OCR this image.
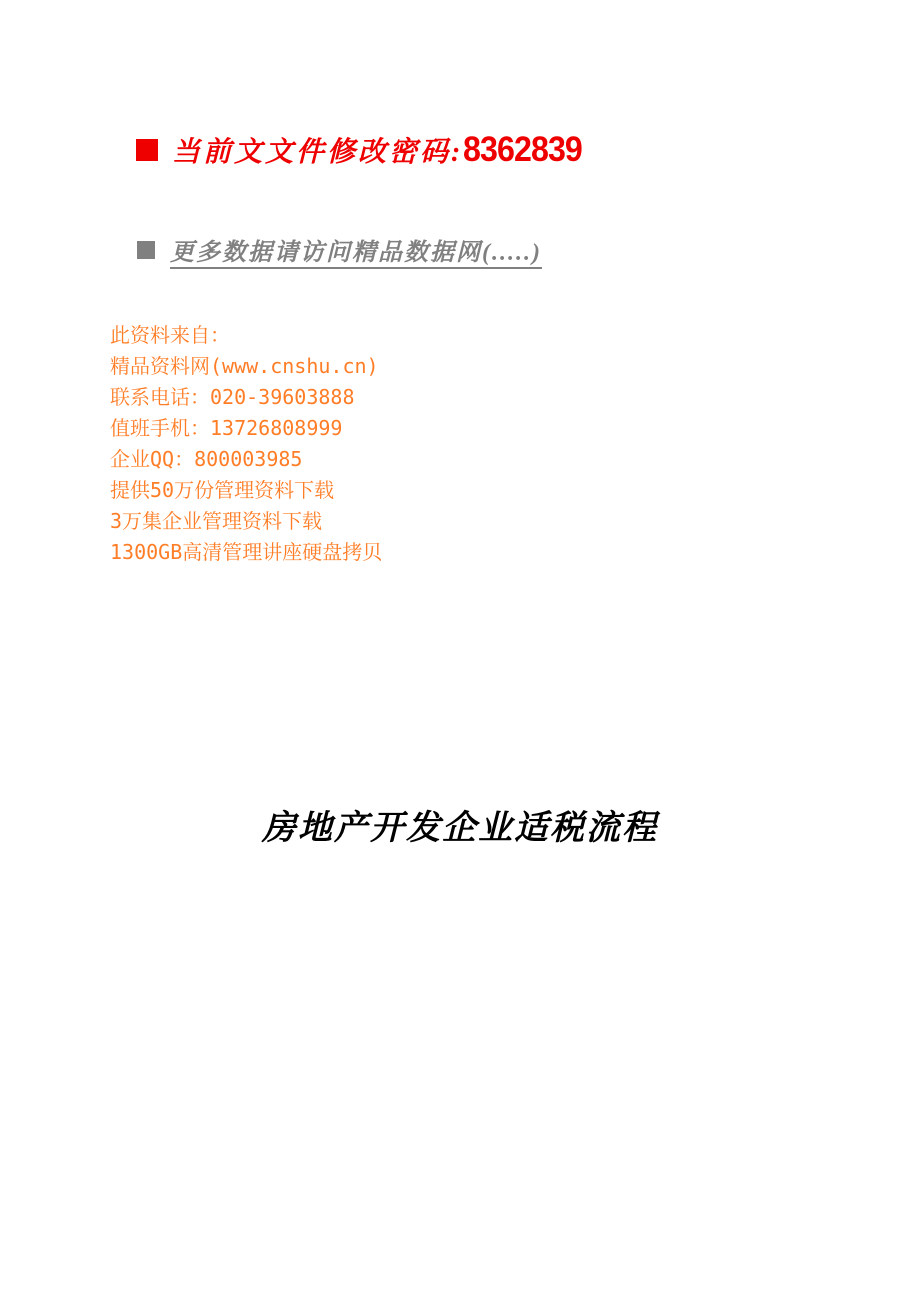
当前文文件修改密码:8362839
更多数据请访问精品数据网(.....)
此资料来自：
精品资料网(www.cnshu.cn)
联系电话：020-39603888
值班手机：13726808999
企业QQ：800003985
提供50万份管理资料下载
3万集企业管理资料下载
1300GB高清管理讲座硬盘拷贝
房地产开发企业适税流程
